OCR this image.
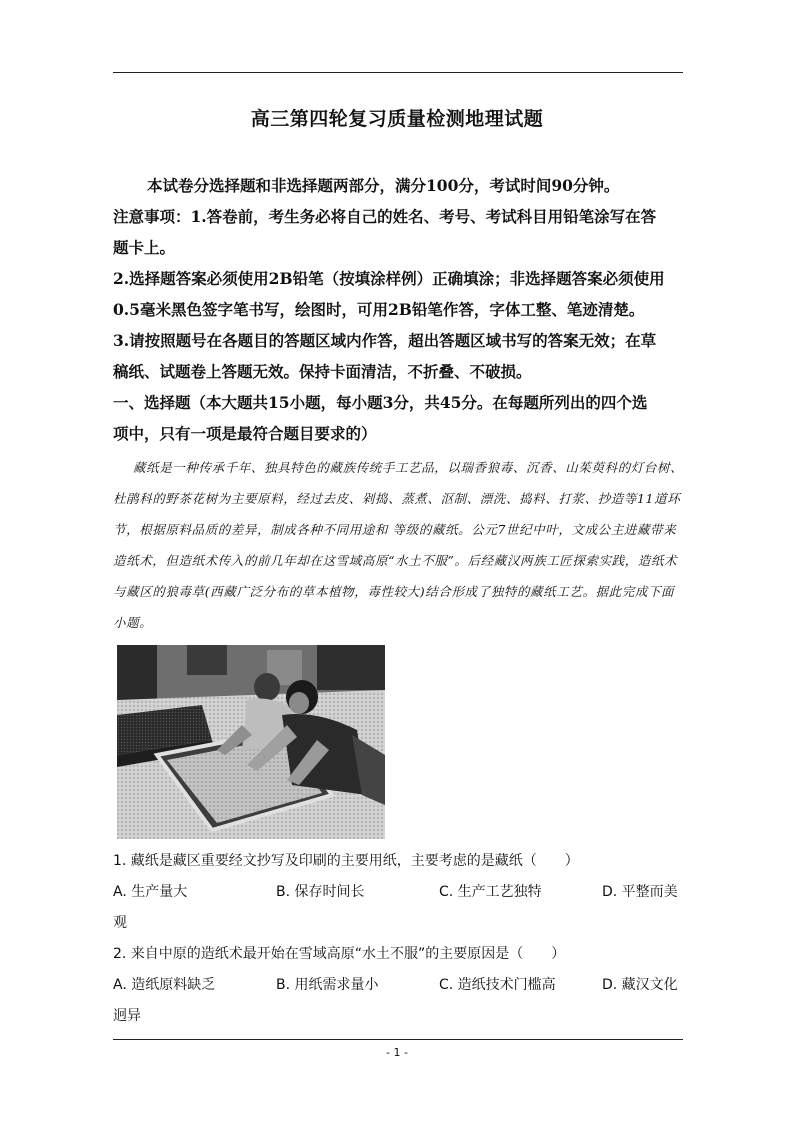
高三第四轮复习质量检测地理试题
本试卷分选择题和非选择题两部分，满分100分，考试时间90分钟。
注意事项：1.答卷前，考生务必将自己的姓名、考号、考试科目用铅笔涂写在答
题卡上。
2.选择题答案必须使用2B铅笔（按填涂样例）正确填涂；非选择题答案必须使用
0.5毫米黑色签字笔书写，绘图时，可用2B铅笔作答，字体工整、笔迹清楚。
3.请按照题号在各题目的答题区域内作答，超出答题区域书写的答案无效；在草
稿纸、试题卷上答题无效。保持卡面清洁，不折叠、不破损。
一、选择题（本大题共15小题，每小题3分，共45分。在每题所列出的四个选
项中，只有一项是最符合题目要求的）
藏纸是一种传承千年、独具特色的藏族传统手工艺品，以瑞香狼毒、沉香、山茱萸科的灯台树、杜鹃科的野茶花树为主要原料，经过去皮、剁捣、蒸煮、沤制、漂洗、捣料、打浆、抄造等11道环节，根据原料品质的差异，制成各种不同用途和 等级的藏纸。公元7世纪中叶，文成公主进藏带来造纸术，但造纸术传入的前几年却在这雪域高原“水土不服”。后经藏汉两族工匠探索实践，造纸术与藏区的狼毒草(西藏广泛分布的草本植物，毒性较大)结合形成了独特的藏纸工艺。据此完成下面小题。
1. 藏纸是藏区重要经文抄写及印刷的主要用纸，主要考虑的是藏纸（　　）
A. 生产量大	B. 保存时间长	C. 生产工艺独特	D. 平整而美
观
2. 来自中原的造纸术最开始在雪域高原“水土不服”的主要原因是（　　）
A. 造纸原料缺乏	B. 用纸需求量小	C. 造纸技术门槛高	D. 藏汉文化
迥异
- 1 -
